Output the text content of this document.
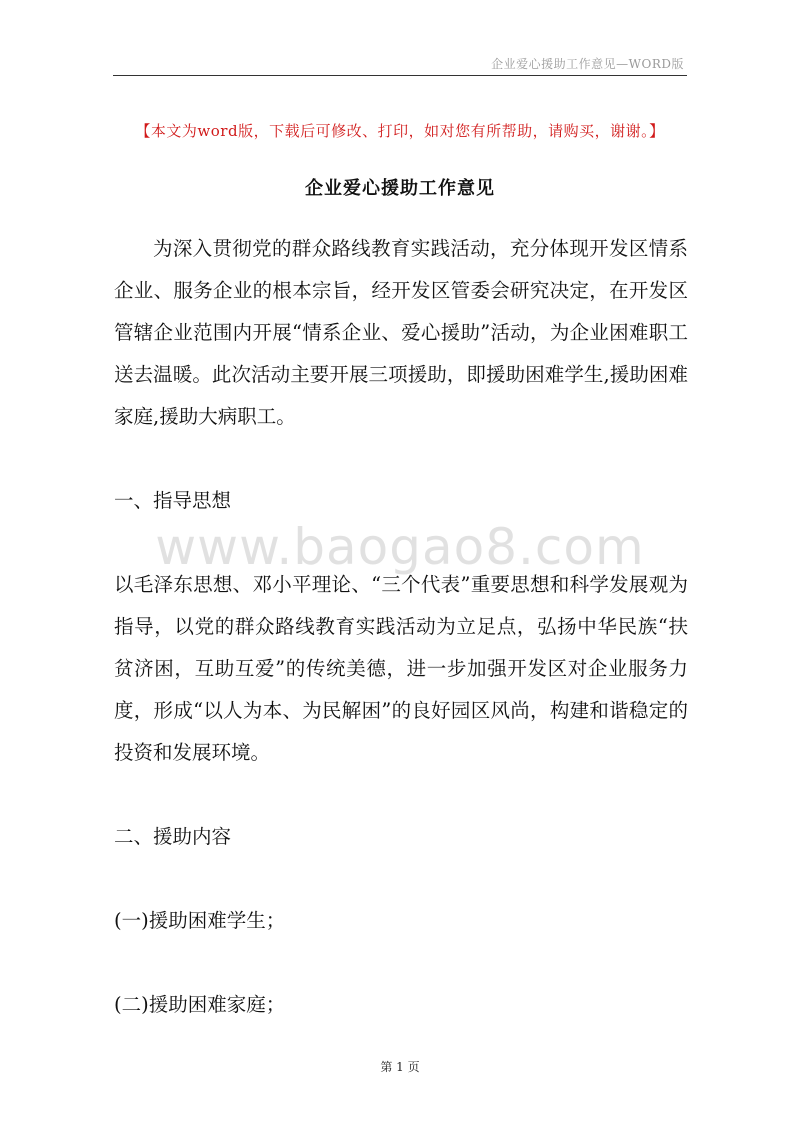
企业爱心援助工作意见—WORD版
【本文为word版，下载后可修改、打印，如对您有所帮助，请购买，谢谢。】
企业爱心援助工作意见
为深入贯彻党的群众路线教育实践活动，充分体现开发区情系企业、服务企业的根本宗旨，经开发区管委会研究决定，在开发区管辖企业范围内开展“情系企业、爱心援助”活动，为企业困难职工送去温暖。此次活动主要开展三项援助，即援助困难学生,援助困难家庭,援助大病职工。
一、指导思想
www.baogao8.com
以毛泽东思想、邓小平理论、“三个代表”重要思想和科学发展观为指导，以党的群众路线教育实践活动为立足点，弘扬中华民族“扶贫济困，互助互爱”的传统美德，进一步加强开发区对企业服务力度，形成“以人为本、为民解困”的良好园区风尚，构建和谐稳定的投资和发展环境。
二、援助内容
(一)援助困难学生；
(二)援助困难家庭；
第 1 页
